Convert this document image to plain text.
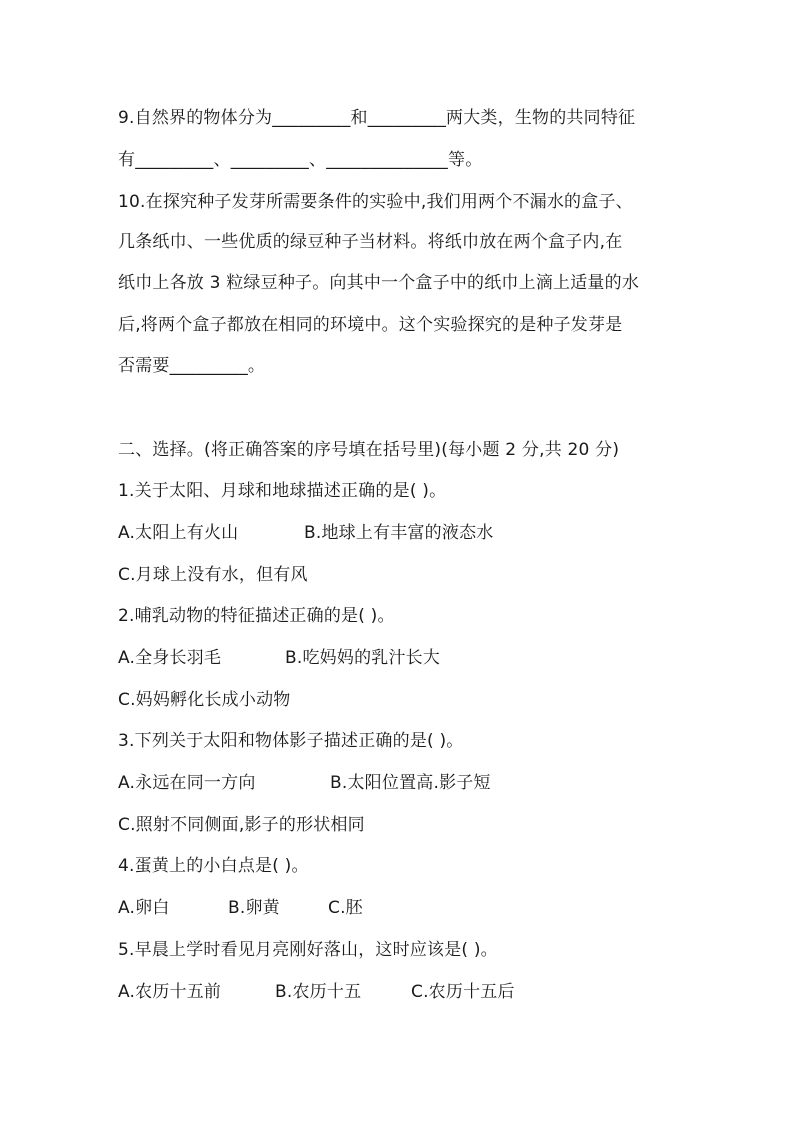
9.自然界的物体分为_________和_________两大类，生物的共同特征
有_________、_________、______________等。
10.在探究种子发芽所需要条件的实验中,我们用两个不漏水的盒子、
几条纸巾、一些优质的绿豆种子当材料。将纸巾放在两个盒子内,在
纸巾上各放 3 粒绿豆种子。向其中一个盒子中的纸巾上滴上适量的水
后,将两个盒子都放在相同的环境中。这个实验探究的是种子发芽是
否需要_________。
二、选择。(将正确答案的序号填在括号里)(每小题 2 分,共 20 分)
1.关于太阳、月球和地球描述正确的是( )。
A.太阳上有火山	B.地球上有丰富的液态水
C.月球上没有水，但有风
2.哺乳动物的特征描述正确的是( )。
A.全身长羽毛	B.吃妈妈的乳汁长大
C.妈妈孵化长成小动物
3.下列关于太阳和物体影子描述正确的是( )。
A.永远在同一方向	B.太阳位置高.影子短
C.照射不同侧面,影子的形状相同
4.蛋黄上的小白点是( )。
A.卵白	B.卵黄	C.胚
5.早晨上学时看见月亮刚好落山，这时应该是( )。
A.农历十五前	B.农历十五	C.农历十五后
